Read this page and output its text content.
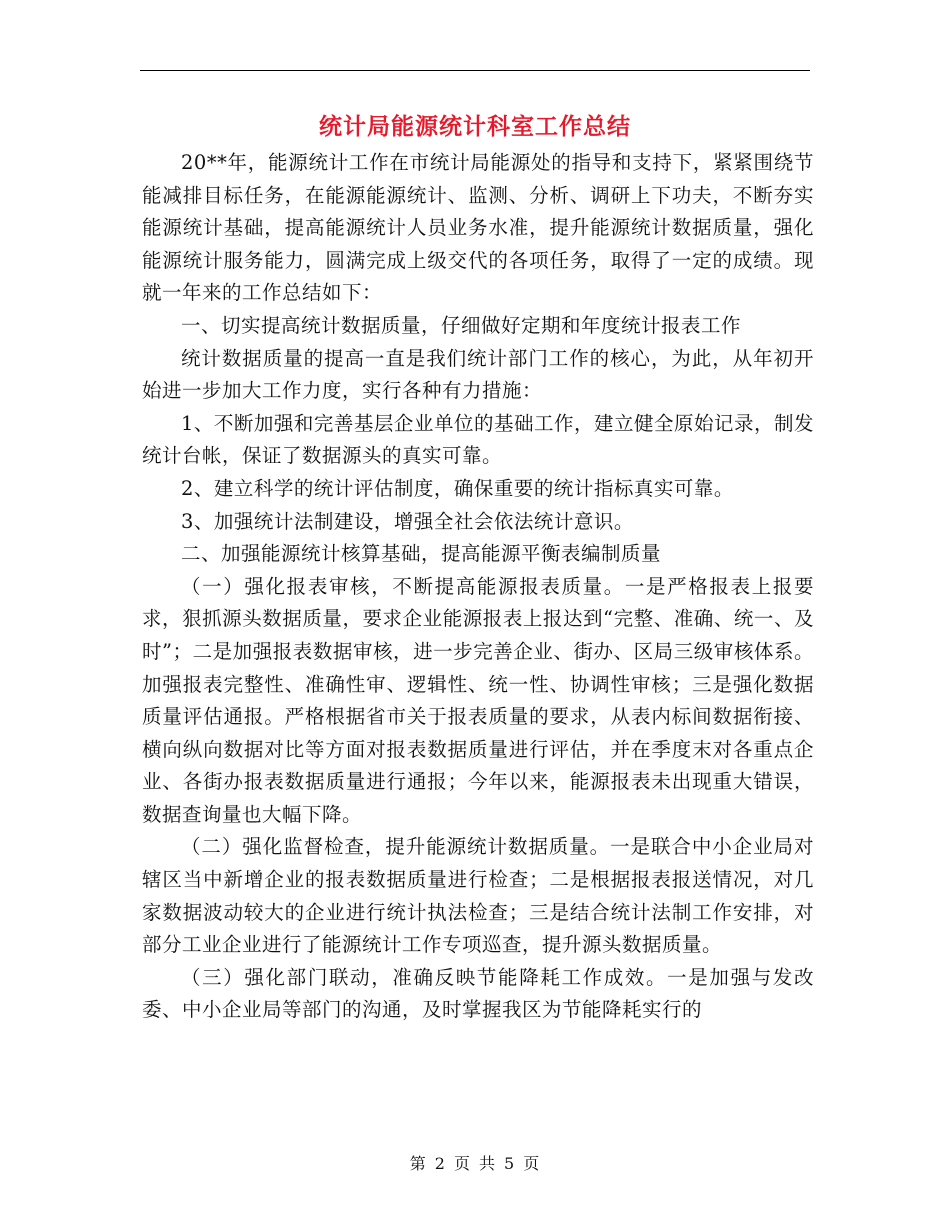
统计局能源统计科室工作总结

20**年，能源统计工作在市统计局能源处的指导和支持下，紧紧围绕节能减排目标任务，在能源能源统计、监测、分析、调研上下功夫，不断夯实能源统计基础，提高能源统计人员业务水准，提升能源统计数据质量，强化能源统计服务能力，圆满完成上级交代的各项任务，取得了一定的成绩。现就一年来的工作总结如下：

一、切实提高统计数据质量，仔细做好定期和年度统计报表工作

统计数据质量的提高一直是我们统计部门工作的核心，为此，从年初开始进一步加大工作力度，实行各种有力措施：

1、不断加强和完善基层企业单位的基础工作，建立健全原始记录，制发统计台帐，保证了数据源头的真实可靠。

2、建立科学的统计评估制度，确保重要的统计指标真实可靠。

3、加强统计法制建设，增强全社会依法统计意识。

二、加强能源统计核算基础，提高能源平衡表编制质量

（一）强化报表审核，不断提高能源报表质量。一是严格报表上报要求，狠抓源头数据质量，要求企业能源报表上报达到“完整、准确、统一、及时”；二是加强报表数据审核，进一步完善企业、街办、区局三级审核体系。加强报表完整性、准确性审、逻辑性、统一性、协调性审核；三是强化数据质量评估通报。严格根据省市关于报表质量的要求，从表内标间数据衔接、横向纵向数据对比等方面对报表数据质量进行评估，并在季度末对各重点企业、各街办报表数据质量进行通报；今年以来，能源报表未出现重大错误，数据查询量也大幅下降。

（二）强化监督检查，提升能源统计数据质量。一是联合中小企业局对辖区当中新增企业的报表数据质量进行检查；二是根据报表报送情况，对几家数据波动较大的企业进行统计执法检查；三是结合统计法制工作安排，对部分工业企业进行了能源统计工作专项巡查，提升源头数据质量。

（三）强化部门联动，准确反映节能降耗工作成效。一是加强与发改委、中小企业局等部门的沟通，及时掌握我区为节能降耗实行的

第 2 页 共 5 页
